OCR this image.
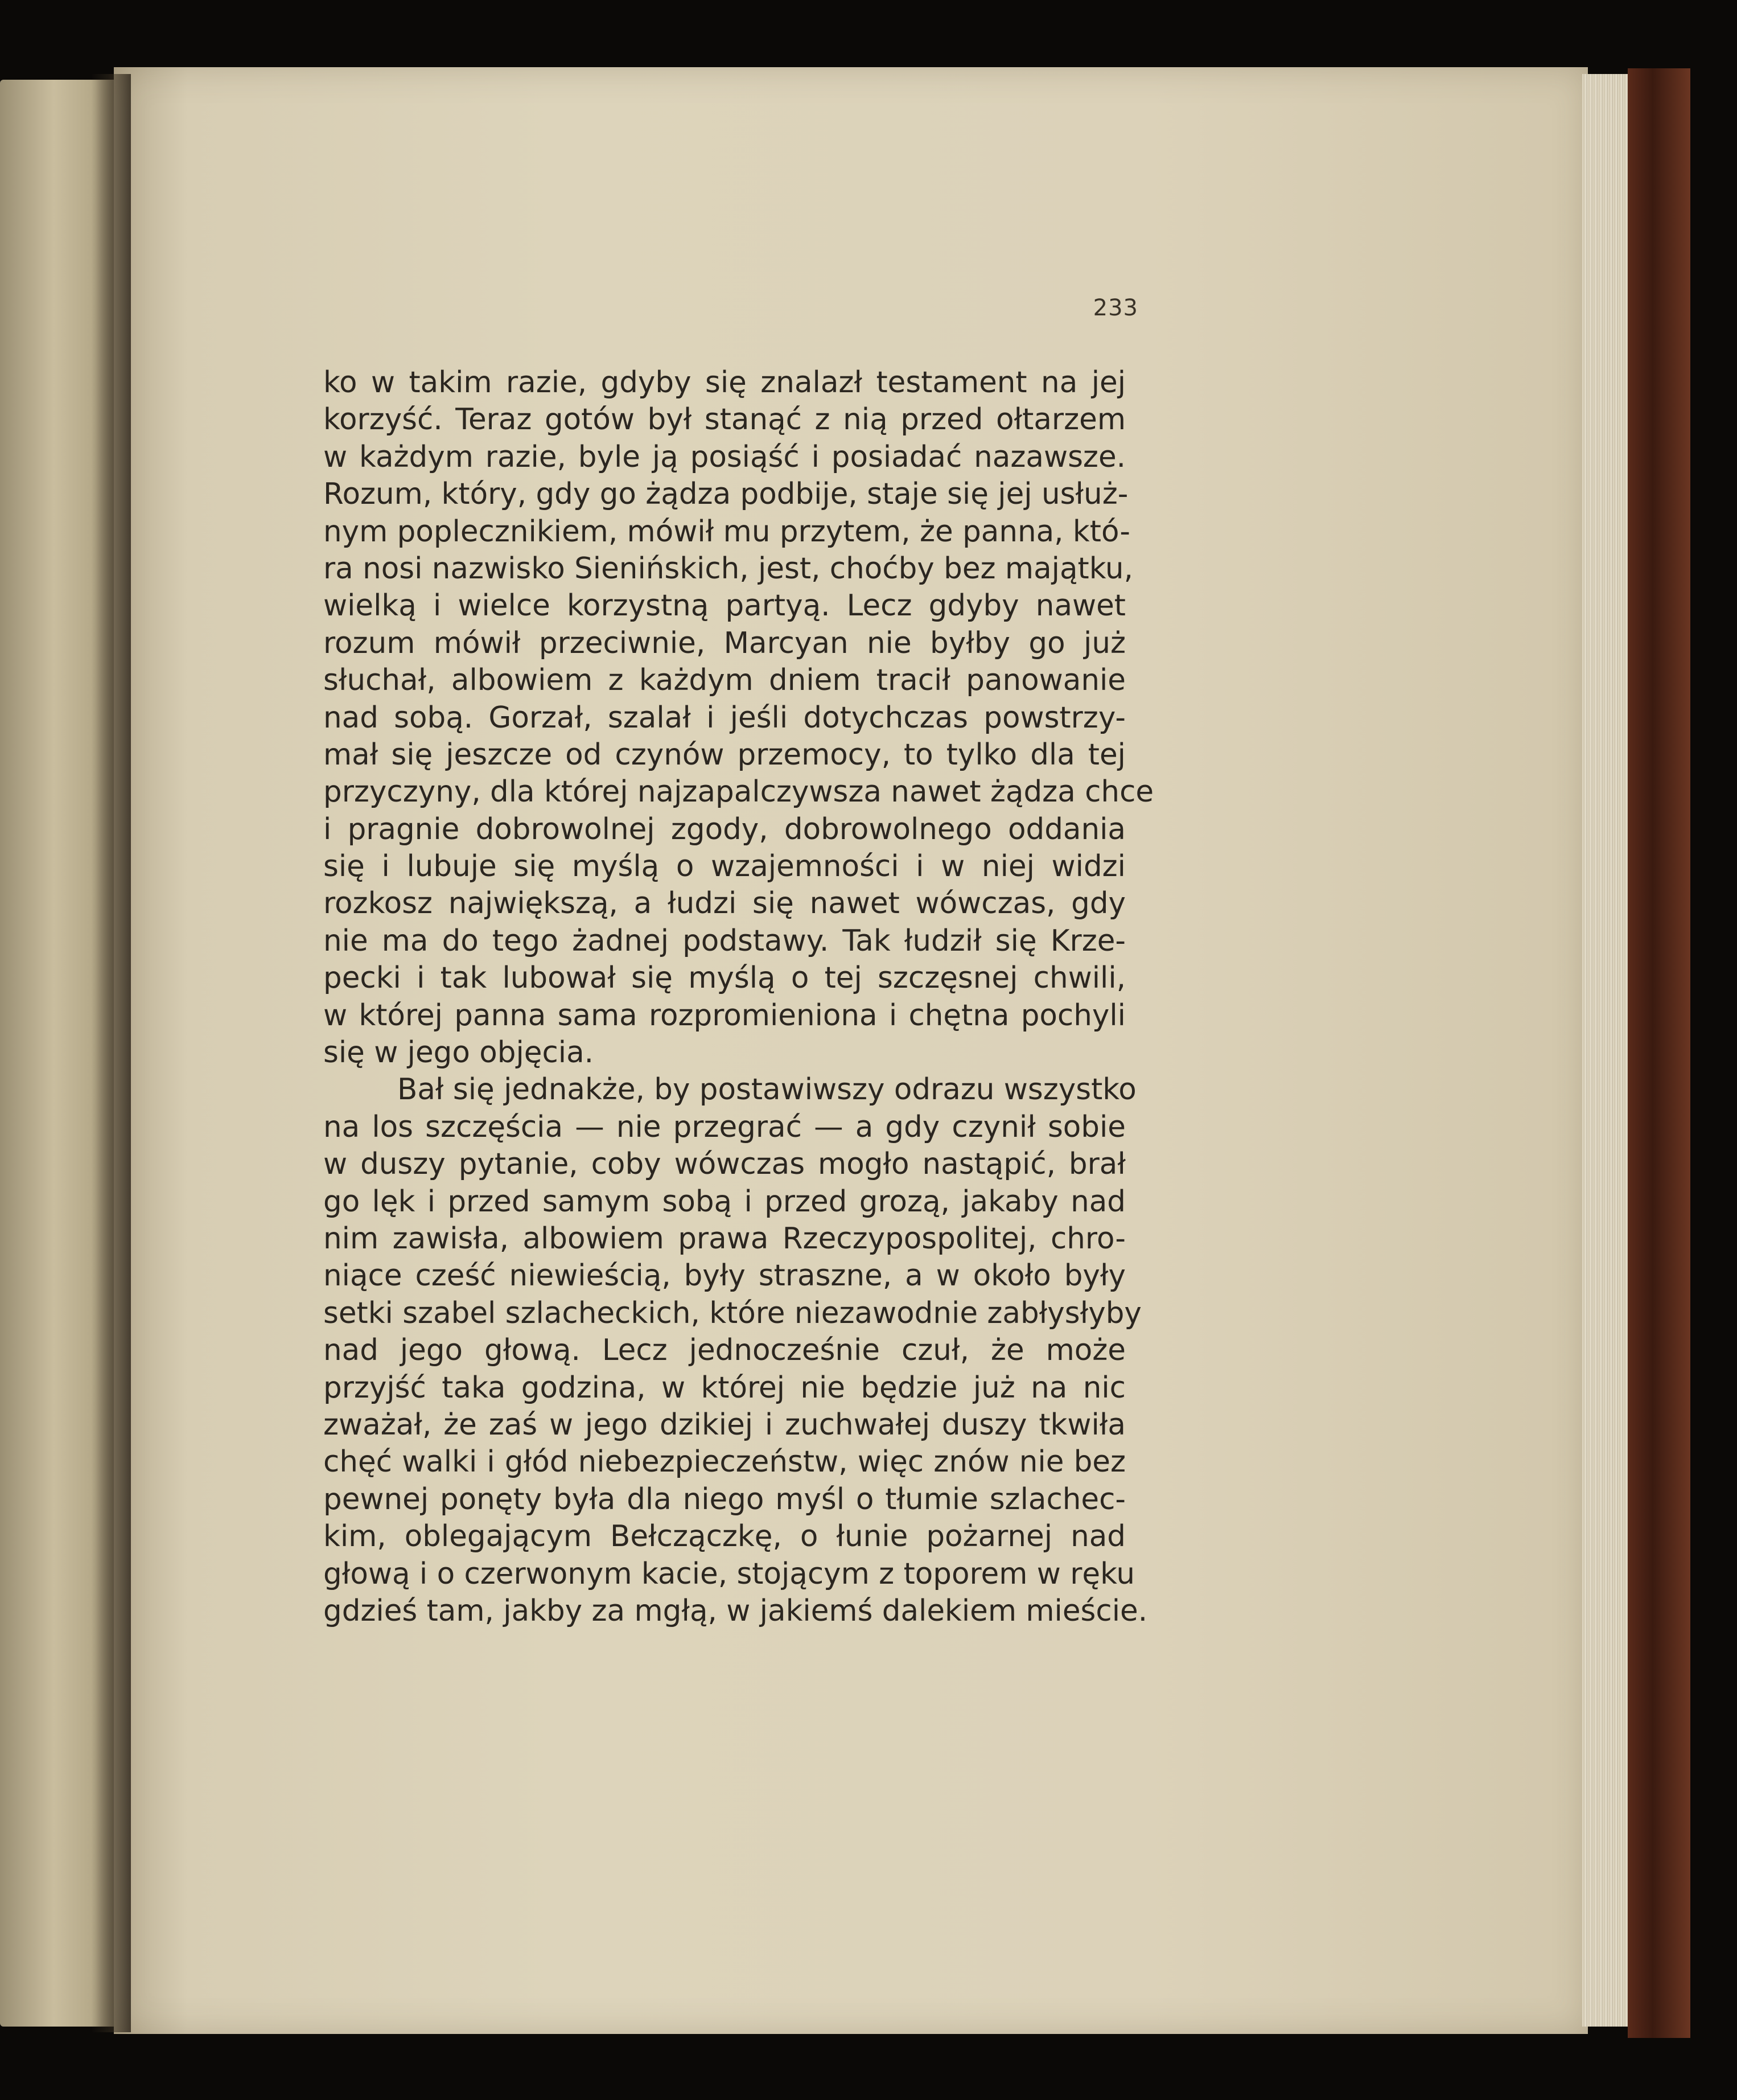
233
ko w takim razie, gdyby się znalazł testament na jej
korzyść. Teraz gotów był stanąć z nią przed ołtarzem
w każdym razie, byle ją posiąść i posiadać nazawsze.
Rozum, który, gdy go żądza podbije, staje się jej usłuż-
nym poplecznikiem, mówił mu przytem, że panna, któ-
ra nosi nazwisko Sienińskich, jest, choćby bez majątku,
wielką i wielce korzystną partyą. Lecz gdyby nawet
rozum mówił przeciwnie, Marcyan nie byłby go już
słuchał, albowiem z każdym dniem tracił panowanie
nad sobą. Gorzał, szalał i jeśli dotychczas powstrzy-
mał się jeszcze od czynów przemocy, to tylko dla tej
przyczyny, dla której najzapalczywsza nawet żądza chce
i pragnie dobrowolnej zgody, dobrowolnego oddania
się i lubuje się myślą o wzajemności i w niej widzi
rozkosz największą, a łudzi się nawet wówczas, gdy
nie ma do tego żadnej podstawy. Tak łudził się Krze-
pecki i tak lubował się myślą o tej szczęsnej chwili,
w której panna sama rozpromieniona i chętna pochyli
się w jego objęcia.
Bał się jednakże, by postawiwszy odrazu wszystko
na los szczęścia — nie przegrać — a gdy czynił sobie
w duszy pytanie, coby wówczas mogło nastąpić, brał
go lęk i przed samym sobą i przed grozą, jakaby nad
nim zawisła, albowiem prawa Rzeczypospolitej, chro-
niące cześć niewieścią, były straszne, a w około były
setki szabel szlacheckich, które niezawodnie zabłysłyby
nad jego głową. Lecz jednocześnie czuł, że może
przyjść taka godzina, w której nie będzie już na nic
zważał, że zaś w jego dzikiej i zuchwałej duszy tkwiła
chęć walki i głód niebezpieczeństw, więc znów nie bez
pewnej ponęty była dla niego myśl o tłumie szlachec-
kim, oblegającym Bełczączkę, o łunie pożarnej nad
głową i o czerwonym kacie, stojącym z toporem w ręku
gdzieś tam, jakby za mgłą, w jakiemś dalekiem mieście.
